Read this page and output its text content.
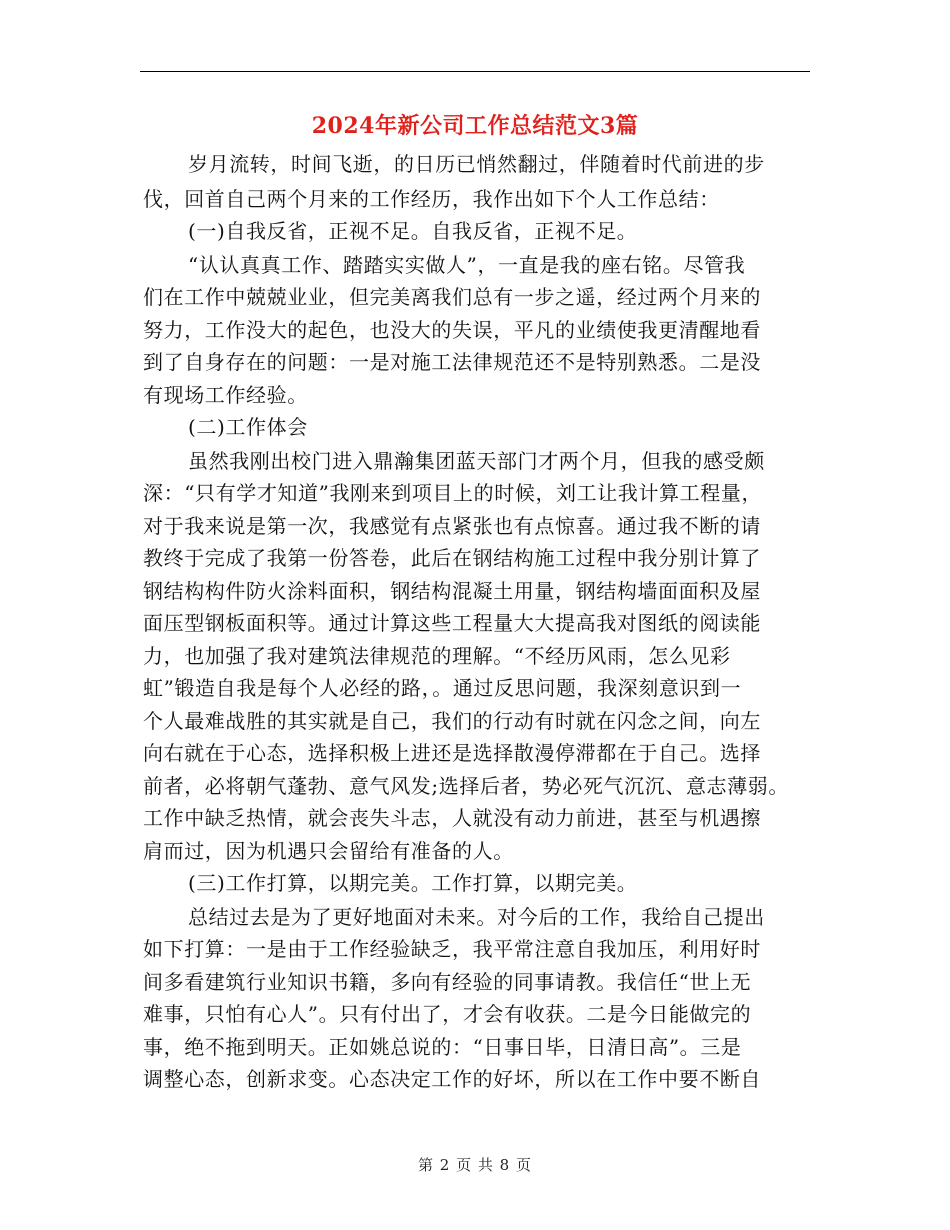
2024年新公司工作总结范文3篇
岁月流转，时间飞逝，的日历已悄然翻过，伴随着时代前进的步
伐，回首自己两个月来的工作经历，我作出如下个人工作总结：
(一)自我反省，正视不足。自我反省，正视不足。
“认认真真工作、踏踏实实做人”，一直是我的座右铭。尽管我
们在工作中兢兢业业，但完美离我们总有一步之遥，经过两个月来的
努力，工作没大的起色，也没大的失误，平凡的业绩使我更清醒地看
到了自身存在的问题：一是对施工法律规范还不是特别熟悉。二是没
有现场工作经验。
(二)工作体会
虽然我刚出校门进入鼎瀚集团蓝天部门才两个月，但我的感受颇
深：“只有学才知道”我刚来到项目上的时候，刘工让我计算工程量，
对于我来说是第一次，我感觉有点紧张也有点惊喜。通过我不断的请
教终于完成了我第一份答卷，此后在钢结构施工过程中我分别计算了
钢结构构件防火涂料面积，钢结构混凝土用量，钢结构墙面面积及屋
面压型钢板面积等。通过计算这些工程量大大提高我对图纸的阅读能
力，也加强了我对建筑法律规范的理解。“不经历风雨，怎么见彩
虹”锻造自我是每个人必经的路，。通过反思问题，我深刻意识到一
个人最难战胜的其实就是自己，我们的行动有时就在闪念之间，向左
向右就在于心态，选择积极上进还是选择散漫停滞都在于自己。选择
前者，必将朝气蓬勃、意气风发;选择后者，势必死气沉沉、意志薄弱。
工作中缺乏热情，就会丧失斗志，人就没有动力前进，甚至与机遇擦
肩而过，因为机遇只会留给有准备的人。
(三)工作打算，以期完美。工作打算，以期完美。
总结过去是为了更好地面对未来。对今后的工作，我给自己提出
如下打算：一是由于工作经验缺乏，我平常注意自我加压，利用好时
间多看建筑行业知识书籍，多向有经验的同事请教。我信任“世上无
难事，只怕有心人”。只有付出了，才会有收获。二是今日能做完的
事，绝不拖到明天。正如姚总说的：“日事日毕，日清日高”。三是
调整心态，创新求变。心态决定工作的好坏，所以在工作中要不断自
第 2 页 共 8 页
